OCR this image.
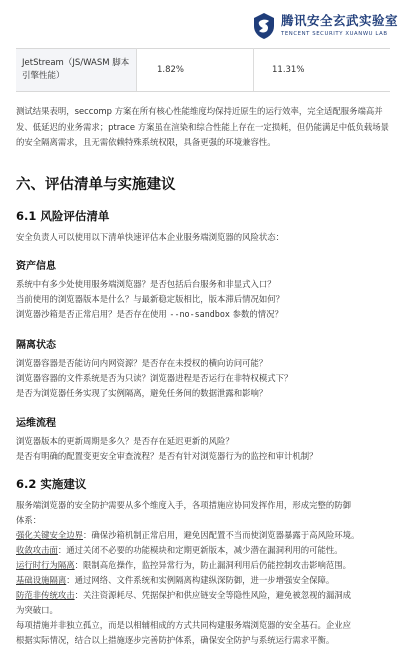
腾讯安全玄武实验室
TENCENT SECURITY XUANWU LAB
JetStream（JS/WASM 脚本引擎性能）	1.82%	11.31%

测试结果表明，seccomp 方案在所有核心性能维度均保持近原生的运行效率，完全适配服务端高并发、低延迟的业务需求；ptrace 方案虽在渲染和综合性能上存在一定损耗，但仍能满足中低负载场景的安全隔离需求，且无需依赖特殊系统权限，具备更强的环境兼容性。

六、评估清单与实施建议
6.1 风险评估清单

安全负责人可以使用以下清单快速评估本企业服务端浏览器的风险状态：

资产信息
系统中有多少处使用服务端浏览器？是否包括后台服务和非显式入口？
当前使用的浏览器版本是什么？与最新稳定版相比，版本滞后情况如何？
浏览器沙箱是否正常启用？是否存在使用 --no-sandbox 参数的情况？
隔离状态
浏览器容器是否能访问内网资源？是否存在未授权的横向访问可能？
浏览器容器的文件系统是否为只读？浏览器进程是否运行在非特权模式下？
是否为浏览器任务实现了实例隔离，避免任务间的数据泄露和影响？
运维流程
浏览器版本的更新周期是多久？是否存在延迟更新的风险？
是否有明确的配置变更安全审查流程？是否有针对浏览器行为的监控和审计机制？
6.2 实施建议
服务端浏览器的安全防护需要从多个维度入手，各项措施应协同发挥作用，形成完整的防御
体系：
强化关键安全边界：确保沙箱机制正常启用，避免因配置不当而使浏览器暴露于高风险环境。
收敛攻击面：通过关闭不必要的功能模块和定期更新版本，减少潜在漏洞利用的可能性。
运行时行为隔离：限制高危操作，监控异常行为，防止漏洞利用后仍能控制攻击影响范围。
基础设施隔离：通过网络、文件系统和实例隔离构建纵深防御，进一步增强安全保障。
防范非传统攻击：关注资源耗尽、凭据保护和供应链安全等隐性风险，避免被忽视的漏洞成
为突破口。
每项措施并非独立孤立，而是以相辅相成的方式共同构建服务端浏览器的安全基石。企业应
根据实际情况，结合以上措施逐步完善防护体系，确保安全防护与系统运行需求平衡。
